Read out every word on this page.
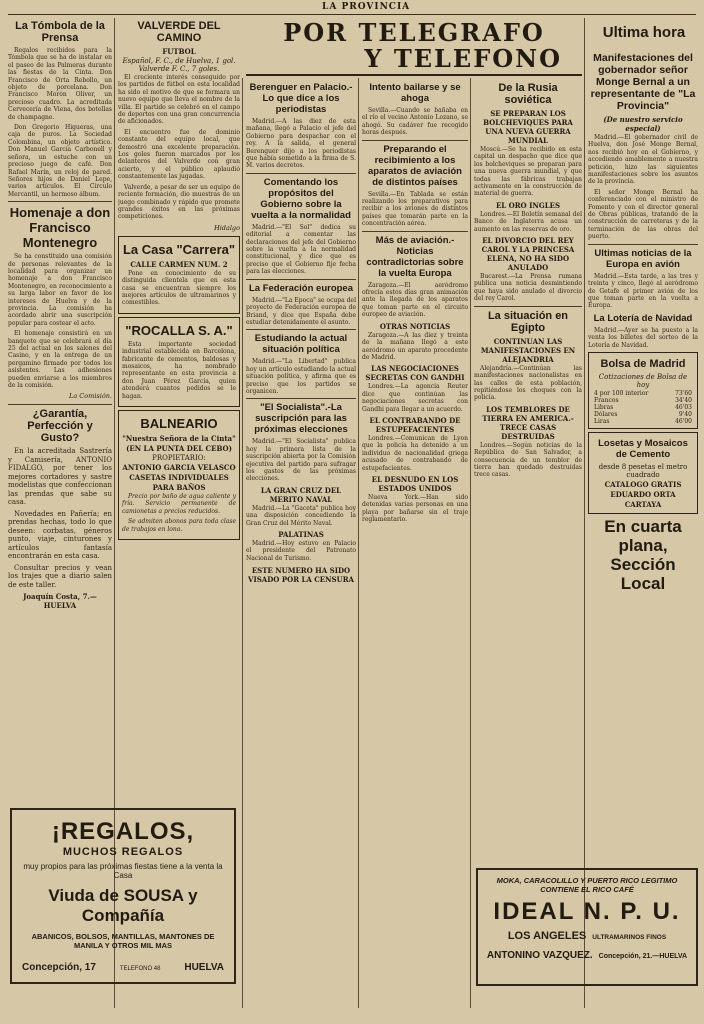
LA PROVINCIA
POR TELEGRAFO
Y TELEFONO
Ultima hora
La Tómbola de la Prensa

Regalos recibidos para la Tómbola que se ha de instalar en el paseo de las Palmeras durante las fiestas de la Cinta. Don Francisco de Orta Rebollo, un objeto de porcelana. Don Francisco Morón Oliver, un precioso cuadro. La acreditada Cervecería de Viena, dos botellas de champagne.

Don Gregorio Higueras, una caja de puros. La Sociedad Colombina, un objeto artístico. Don Manuel García Carbonell y señora, un estuche con un precioso juego de café. Don Rafael Marín, un reloj de pared. Señores hijos de Daniel Lepe, varios artículos. El Círculo Mercantil, un hermoso álbum.

Homenaje a don Francisco Montenegro

Se ha constituido una comisión de personas relevantes de la localidad para organizar un homenaje a don Francisco Montenegro, en reconocimiento a su larga labor en favor de los intereses de Huelva y de la provincia. La comisión ha acordado abrir una suscripción popular para costear el acto.

El homenaje consistirá en un banquete que se celebrará el día 25 del actual en los salones del Casino, y en la entrega de un pergamino firmado por todos los asistentes. Las adhesiones pueden enviarse a los miembros de la comisión.

La Comisión.
¿Garantía, Perfección y Gusto?

En la acreditada Sastrería y Camisería, ANTONIO FIDALGO, por tener los mejores cortadores y sastre modelistas que confeccionan las prendas que sabe su casa.

Novedades en Pañería; en prendas hechas, todo lo que deseen: corbatas, géneros punto, viaje, cinturones y artículos fantasía encontrarán en esta casa.

Consultar precios y vean los trajes que a diario salen de este taller.

Joaquín Costa, 7.—HUELVA
VALVERDE DEL CAMINO
FUTBOL
Español, F. C., de Huelva, 1 gol. Valverde F. C., 7 goles.

El creciente interés conseguido por los partidos de fútbol en esta localidad ha sido el motivo de que se formara un nuevo equipo que lleva el nombre de la villa. El partido se celebró en el campo de deportes con una gran concurrencia de aficionados.

El encuentro fue de dominio constante del equipo local, que demostró una excelente preparación. Los goles fueron marcados por los delanteros del Valverde con gran acierto, y el público aplaudió constantemente las jugadas.

Valverde, a pesar de ser un equipo de reciente formación, dio muestras de un juego combinado y rápido que promete grandes éxitos en las próximas competiciones.

Hidalgo
La Casa "Carrera"
CALLE CARMEN NUM. 2

Pone en conocimiento de su distinguida clientela que en esta casa se encuentran siempre los mejores artículos de ultramarinos y comestibles.

"ROCALLA S. A."

Esta importante sociedad industrial establecida en Barcelona, fabricante de cementos, baldosas y mosaicos, ha nombrado representante en esta provincia a don Juan Pérez García, quien atenderá cuantos pedidos se le hagan.

BALNEARIO
"Nuestra Señora de la Cinta"
(EN LA PUNTA DEL CEBO)
PROPIETARIO:
ANTONIO GARCIA VELASCO
CASETAS INDIVIDUALES
PARA BAÑOS

Precio por baño de agua caliente y fría. Servicio permanente de camionetas a precios reducidos.

Se admiten abonos para toda clase de trabajos en lona.

Berenguer en Palacio.-Lo que dice a los periodistas

Madrid.—A las diez de esta mañana, llegó a Palacio el jefe del Gobierno para despachar con el rey. A la salida, el general Berenguer dijo a los periodistas que había sometido a la firma de S. M. varios decretos.

Comentando los propósitos del Gobierno sobre la vuelta a la normalidad

Madrid.—"El Sol" dedica su editorial a comentar las declaraciones del jefe del Gobierno sobre la vuelta a la normalidad constitucional, y dice que es preciso que el Gobierno fije fecha para las elecciones.

La Federación europea

Madrid.—"La Epoca" se ocupa del proyecto de Federación europea de Briand, y dice que España debe estudiar detenidamente el asunto.

Estudiando la actual situación política

Madrid.—"La Libertad" publica hoy un artículo estudiando la actual situación política, y afirma que es preciso que los partidos se organicen.

"El Socialista".-La suscripción para las próximas elecciones

Madrid.—"El Socialista" publica hoy la primera lista de la suscripción abierta por la Comisión ejecutiva del partido para sufragar los gastos de las próximas elecciones.

LA GRAN CRUZ DEL MERITO NAVAL

Madrid.—La "Gaceta" publica hoy una disposición concediendo la Gran Cruz del Mérito Naval.

PALATINAS

Madrid.—Hoy estuvo en Palacio el presidente del Patronato Nacional de Turismo.

ESTE NUMERO HA SIDO VISADO POR LA CENSURA
Intento bailarse y se ahoga

Sevilla.—Cuando se bañaba en el río el vecino Antonio Lozano, se ahogó. Su cadáver fue recogido horas después.

Preparando el recibimiento a los aparatos de aviación de distintos países

Sevilla.—En Tablada se están realizando los preparativos para recibir a los aviones de distintos países que tomarán parte en la concentración aérea.

Más de aviación.-Noticias contradictorias sobre la vuelta Europa

Zaragoza.—El aeródromo ofrecía estos días gran animación ante la llegada de los aparatos que toman parte en el circuito europeo de aviación.

OTRAS NOTICIAS

Zaragoza.—A las diez y treinta de la mañana llegó a este aeródromo un aparato procedente de Madrid.

LAS NEGOCIACIONES SECRETAS CON GANDHI

Londres.—La agencia Reuter dice que continúan las negociaciones secretas con Gandhi para llegar a un acuerdo.

EL CONTRABANDO DE ESTUPEFACIENTES

Londres.—Comunican de Lyon que la policía ha detenido a un individuo de nacionalidad griega acusado de contrabando de estupefacientes.

EL DESNUDO EN LOS ESTADOS UNIDOS

Nueva York.—Han sido detenidas varias personas en una playa por bañarse sin el traje reglamentario.

De la Rusia soviética
SE PREPARAN LOS BOLCHEVIQUES PARA UNA NUEVA GUERRA MUNDIAL

Moscú.—Se ha recibido en esta capital un despacho que dice que los bolcheviques se preparan para una nueva guerra mundial, y que todas las fábricas trabajan activamente en la construcción de material de guerra.

EL ORO INGLES

Londres.—El Boletín semanal del Banco de Inglaterra acusa un aumento en las reservas de oro.

EL DIVORCIO DEL REY CAROL Y LA PRINCESA ELENA, NO HA SIDO ANULADO

Bucarest.—La Prensa rumana publica una noticia desmintiendo que haya sido anulado el divorcio del rey Carol.

La situación en Egipto
CONTINUAN LAS MANIFESTACIONES EN ALEJANDRIA

Alejandría.—Continúan las manifestaciones nacionalistas en las calles de esta población, repitiéndose los choques con la policía.

LOS TEMBLORES DE TIERRA EN AMERICA.-TRECE CASAS DESTRUIDAS

Londres.—Según noticias de la República de San Salvador, a consecuencia de un temblor de tierra han quedado destruidas trece casas.

Manifestaciones del gobernador señor Monge Bernal a un representante de "La Provincia"
(De nuestro servicio especial)

Madrid.—El gobernador civil de Huelva, don José Monge Bernal, nos recibió hoy en el Gobierno, y accediendo amablemente a nuestra petición, hizo las siguientes manifestaciones sobre los asuntos de la provincia.

El señor Monge Bernal ha conferenciado con el ministro de Fomento y con el director general de Obras públicas, tratando de la construcción de carreteras y de la terminación de las obras del puerto.

Ultimas noticias de la Europa en avión

Madrid.—Esta tarde, a las tres y treinta y cinco, llegó al aeródromo de Getafe el primer avión de los que toman parte en la vuelta a Europa.

La Lotería de Navidad

Madrid.—Ayer se ha puesto a la venta los billetes del sorteo de la Lotería de Navidad.

Bolsa de Madrid
Cotizaciones de Bolsa de hoy
4 por 100 interior	73'60
Francos	34'40
Libras	46'03
Dólares	9'40
Liras	46'00
Losetas y Mosaicos de Cemento
desde 8 pesetas el metro cuadrado
CATALOGO GRATIS
EDUARDO ORTA
CARTAYA
En cuarta plana, Sección Local
¡REGALOS,
MUCHOS REGALOS
muy propios para las próximas fiestas tiene a la venta la Casa
Viuda de SOUSA y Compañía
ABANICOS, BOLSOS, MANTILLAS, MANTONES DE MANILA Y OTROS MIL MAS
Concepción, 17	TELEFONO 48 HUELVA
MOKA, CARACOLILLO Y PUERTO RICO LEGITIMO CONTIENE EL RICO CAFÉ
IDEAL N. P. U.
LOS ANGELES ULTRAMARINOS FINOS
ANTONINO VAZQUEZ. Concepción, 21.—HUELVA
